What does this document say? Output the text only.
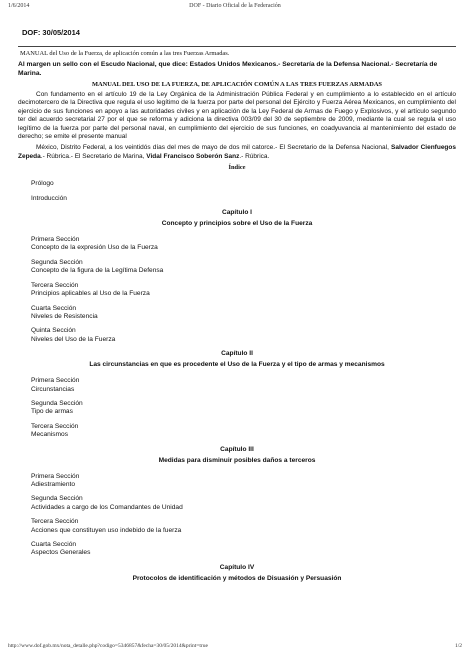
1/6/2014	DOF - Diario Oficial de la Federación
DOF: 30/05/2014
MANUAL del Uso de la Fuerza, de aplicación común a las tres Fuerzas Armadas.
Al margen un sello con el Escudo Nacional, que dice: Estados Unidos Mexicanos.- Secretaría de la Defensa Nacional.- Secretaría de Marina.
MANUAL DEL USO DE LA FUERZA, DE APLICACIÓN COMÚN A LAS TRES FUERZAS ARMADAS
Con fundamento en el artículo 19 de la Ley Orgánica de la Administración Pública Federal y en cumplimiento a lo establecido en el artículo decimotercero de la Directiva que regula el uso legítimo de la fuerza por parte del personal del Ejército y Fuerza Aérea Mexicanos, en cumplimiento del ejercicio de sus funciones en apoyo a las autoridades civiles y en aplicación de la Ley Federal de Armas de Fuego y Explosivos, y el artículo segundo ter del acuerdo secretarial 27 por el que se reforma y adiciona la directiva 003/09 del 30 de septiembre de 2009, mediante la cual se regula el uso legítimo de la fuerza por parte del personal naval, en cumplimiento del ejercicio de sus funciones, en coadyuvancia al mantenimiento del estado de derecho; se emite el presente manual
México, Distrito Federal, a los veintidós días del mes de mayo de dos mil catorce.- El Secretario de la Defensa Nacional, Salvador Cienfuegos Zepeda.- Rúbrica.- El Secretario de Marina, Vidal Francisco Soberón Sanz.- Rúbrica.
Índice
Prólogo
Introducción
Capítulo I
Concepto y principios sobre el Uso de la Fuerza
Primera Sección
Concepto de la expresión Uso de la Fuerza
Segunda Sección
Concepto de la figura de la Legítima Defensa
Tercera Sección
Principios aplicables al Uso de la Fuerza
Cuarta Sección
Niveles de Resistencia
Quinta Sección
Niveles del Uso de la Fuerza
Capítulo II
Las circunstancias en que es procedente el Uso de la Fuerza y el tipo de armas y mecanismos
Primera Sección
Circunstancias
Segunda Sección
Tipo de armas
Tercera Sección
Mecanismos
Capítulo III
Medidas para disminuir posibles daños a terceros
Primera Sección
Adiestramiento
Segunda Sección
Actividades a cargo de los Comandantes de Unidad
Tercera Sección
Acciones que constituyen uso indebido de la fuerza
Cuarta Sección
Aspectos Generales
Capítulo IV
Protocolos de identificación y métodos de Disuasión y Persuasión
http://www.dof.gob.mx/nota_detalle.php?codigo=5346857&fecha=30/05/2014&print=true	1/2
